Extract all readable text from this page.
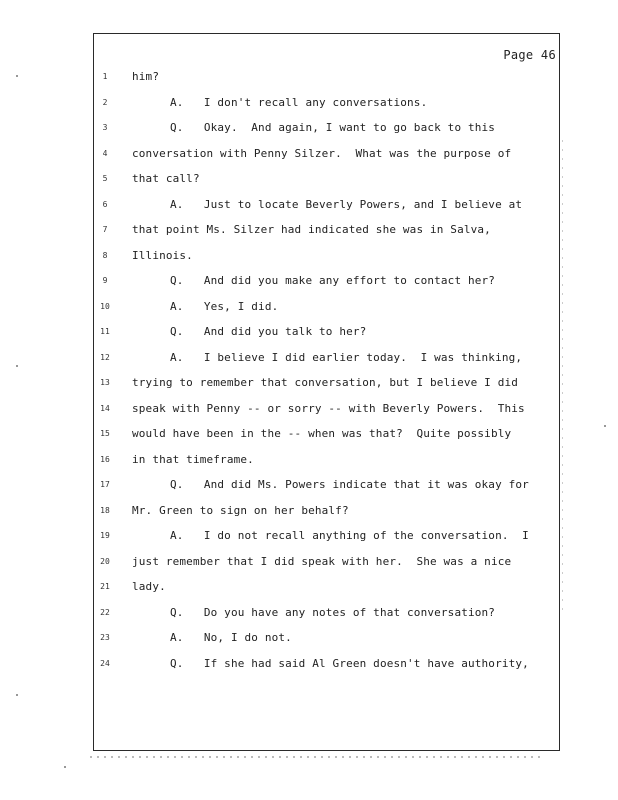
Page 46
1	him?
2	A.   I don't recall any conversations.
3	Q.   Okay.  And again, I want to go back to this
4	conversation with Penny Silzer.  What was the purpose of
5	that call?
6	A.   Just to locate Beverly Powers, and I believe at
7	that point Ms. Silzer had indicated she was in Salva,
8	Illinois.
9	Q.   And did you make any effort to contact her?
10	A.   Yes, I did.
11	Q.   And did you talk to her?
12	A.   I believe I did earlier today.  I was thinking,
13	trying to remember that conversation, but I believe I did
14	speak with Penny -- or sorry -- with Beverly Powers.  This
15	would have been in the -- when was that?  Quite possibly
16	in that timeframe.
17	Q.   And did Ms. Powers indicate that it was okay for
18	Mr. Green to sign on her behalf?
19	A.   I do not recall anything of the conversation.  I
20	just remember that I did speak with her.  She was a nice
21	lady.
22	Q.   Do you have any notes of that conversation?
23	A.   No, I do not.
24	Q.   If she had said Al Green doesn't have authority,
